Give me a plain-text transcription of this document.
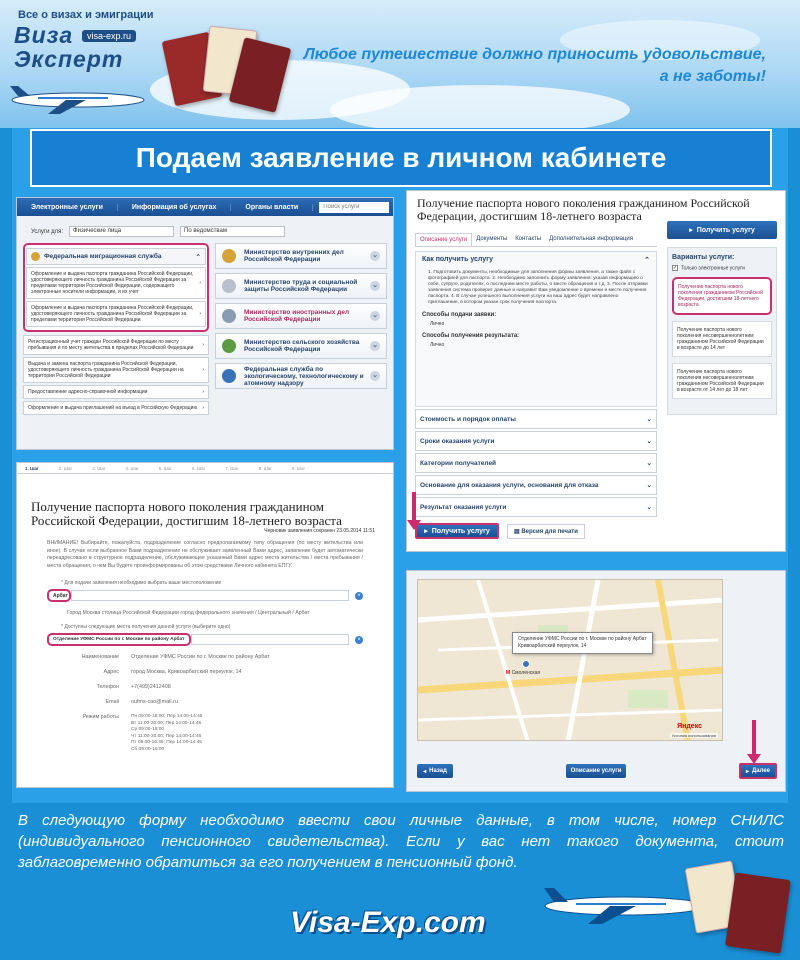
Все о визах и эмиграции
Виза
Эксперт
visa-exp.ru
Любое путешествие должно приносить удовольствие,
а не заботы!
Подаем заявление в личном кабинете
Электронные услуги	Информация об услугах	Органы власти
Поиск услуги
Услуги для:	Физические лица	По ведомствам
Федеральная миграционная служба	⌃
Оформление и выдача паспорта гражданина Российской Федерации, удостоверяющего личность гражданина Российской Федерации за пределами территории Российской Федерации, содержащего электронные носители информации, и их учет
›
Оформление и выдача паспорта гражданина Российской Федерации, удостоверяющего личность гражданина Российской Федерации за пределами территории Российской Федерации
›
Регистрационный учет граждан Российской Федерации по месту пребывания и по месту жительства в пределах Российской Федерации	›
Выдача и замена паспорта гражданина Российской Федерации, удостоверяющего личность гражданина Российской Федерации на территории Российской Федерации
›
Предоставление адресно-справочной информации	›
Оформление и выдача приглашений на въезд в Российскую Федерацию ›
Министерство внутренних дел Российской Федерации
⌄
Министерство труда и социальной защиты Российской Федерации
⌄
Министерство иностранных дел Российской Федерации
⌄
Министерство сельского хозяйства Российской Федерации
⌄
Федеральная служба по экологическому, технологическому и атомному надзору
⌄
Получение паспорта нового поколения гражданином Российской Федерации, достигшим 18-летнего возраста
Описание услуги	Документы	Контакты	Дополнительная информация
Как получить услугу	⌃
1. Подготовить документы, необходимые для заполнения формы заявления, а также файл с фотографией для паспорта. 2. Необходимо заполнить форму заявления: указав информацию о себе, супруге, родителях, о последнем месте работы, о месте обращения и т.д. 3. После отправки заявления система проверит данные и направит Вам уведомление о времени и месте получения паспорта. 4. В случае успешного выполнения услуги на ваш адрес будет направлено приглашение, в котором указан срок получения паспорта.
Способы подачи заявки:
Лично
Способы получения результата:
Лично
Стоимость и порядок оплаты	⌄
Сроки оказания услуги	⌄
Категории получателей	⌄
Основание для оказания услуги, основания для отказа	⌄
Результат оказания услуги	⌄
▸ Получить услугу	▤ Версия для печати
▸ Получить услугу
Варианты услуги:
✓ Только электронные услуги
Получение паспорта нового поколения гражданином Российской Федерации, достигшим 18-летнего возраста
Получение паспорта нового поколения несовершеннолетним гражданином Российской Федерации в возрасте до 14 лет
Получение паспорта нового поколения несовершеннолетним гражданином Российской Федерации в возрасте от 14 лет до 18 лет
1. Шаг	2. Шаг	3. Шаг	4. Шаг	5. Шаг	6. Шаг	7. Шаг	8. Шаг	9. Шаг
Получение паспорта нового поколения гражданином Российской Федерации, достигшим 18-летнего возраста
Черновик заявления сохранен 23.05.2014 11:51
ВНИМАНИЕ! Выбирайте, пожалуйста, подразделение согласно предполагаемому типу обращения (по месту жительства или иное). В случае если выбранное Вами подразделение не обслуживает заявленный Вами адрес, заявление будет автоматически переадресовано в структурное подразделение, обслуживающее указанный Вами адрес места жительства / места пребывания / места обращения, о чем Вы будете проинформированы об этом средствами Личного кабинета ЕПГУ.
* Для подачи заявления необходимо выбрать ваше местоположение
Арбат	×
Город Москва столица Российской Федерации город федерального значения / Центральный / Арбат
* Доступны следующие места получения данной услуги (выберите одно)
Отделение УФМС России по г. Москве по району Арбат	×
Наименование	Отделение УФМС России по г. Москве по району Арбат
Адрес	город Москва, Кривоарбатский переулок, 14
Телефон	+7(499)2412408
Email	oufms-cao@mail.ru
Режим работы	Пн 09:00-18:00; Пер 14:00-14:45
Вт 11:00-20:00; Пер 14:00-14:45
Ср 09:00-18:00
Чт 11:00-20:00; Пер 14:00-14:45
Пт 09:00-16:45; Пер 14:00-14:45
Сб 09:00-16:00
Отделение УФМС России по г. Москве по району Арбат
Кривоарбатский переулок, 14
М Смоленская
Яндекс
Условия использования
◂ Назад	Описание услуги	▸ Далее
В следующую форму необходимо ввести свои личные данные, в том числе, номер СНИЛС (индивидуального пенсионного свидетельства). Если у вас нет такого документа, стоит заблаговременно обратиться за его получением в пенсионный фонд.
Visa-Exp.com
